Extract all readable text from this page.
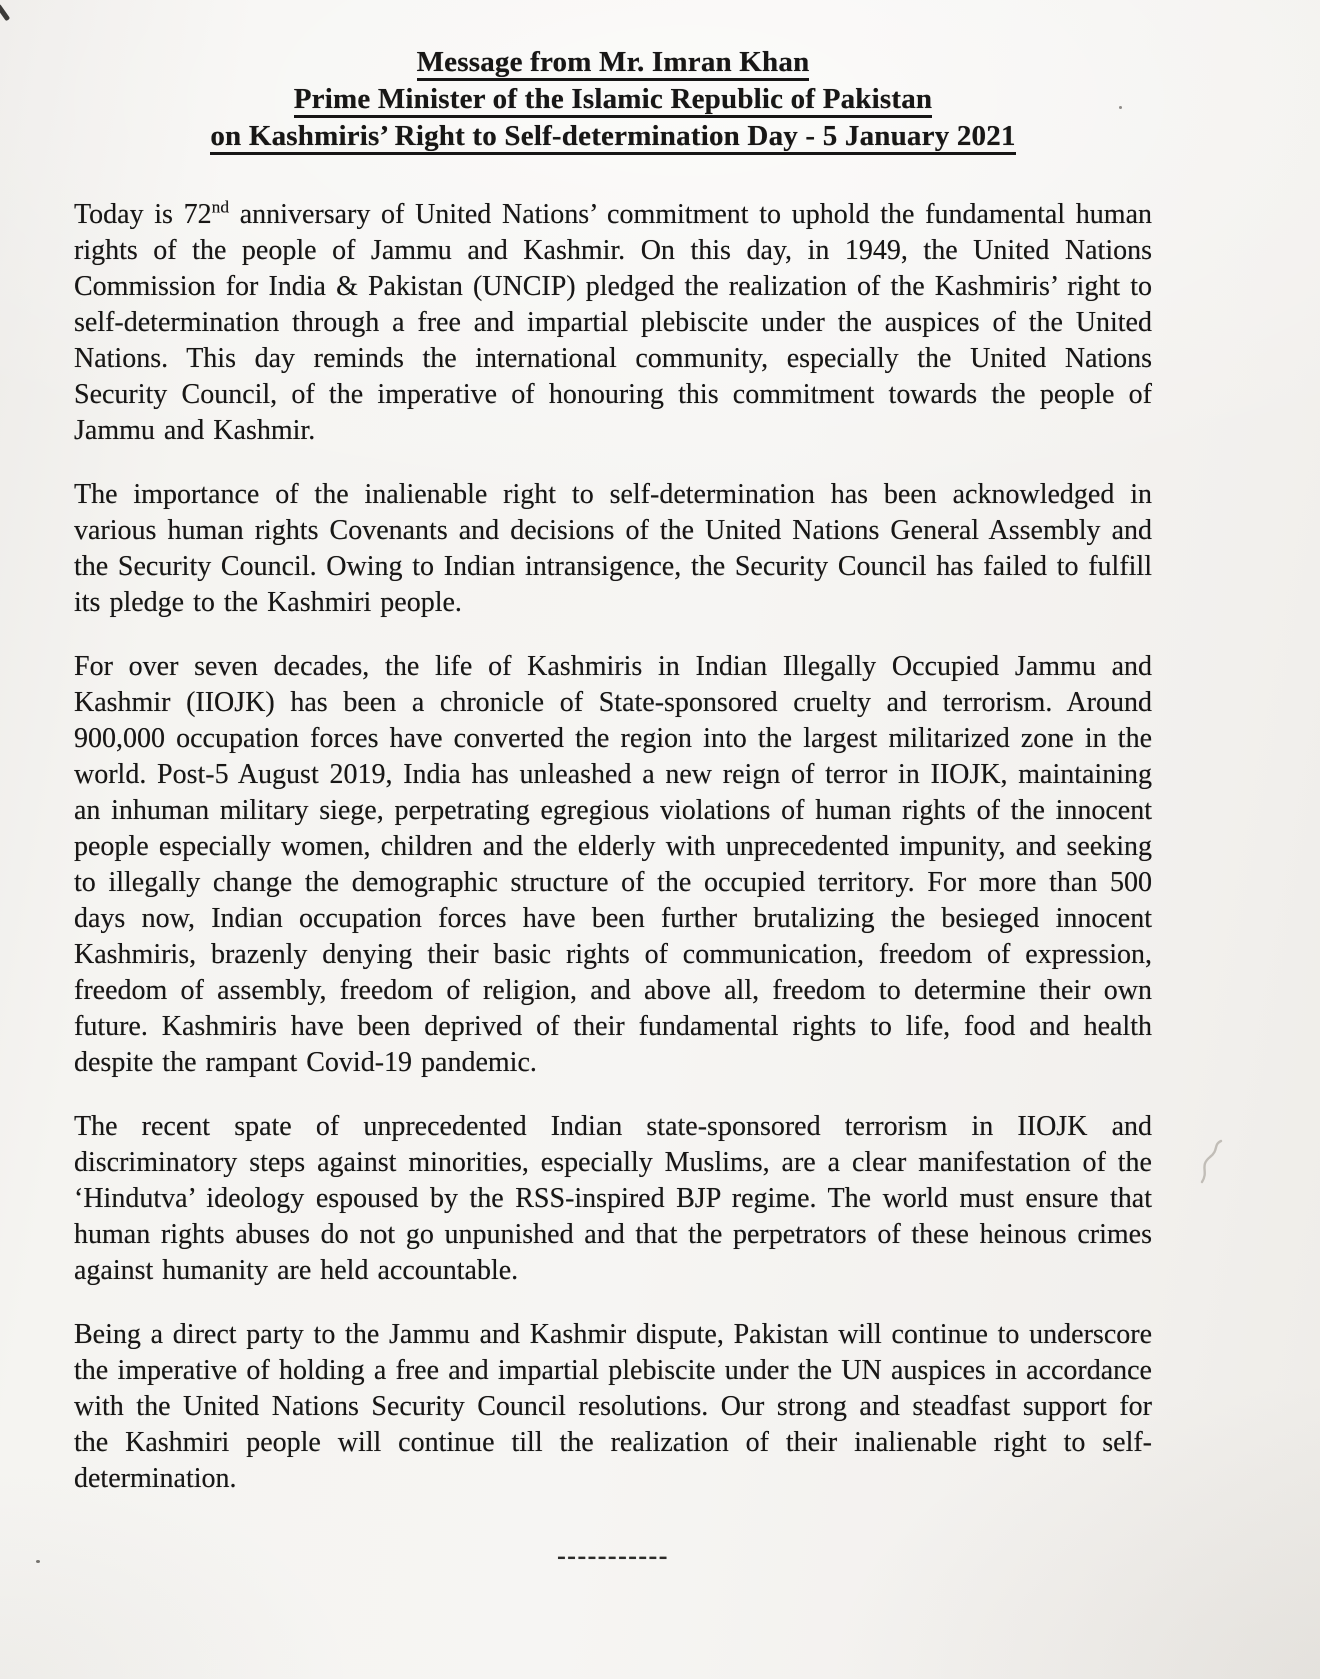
Message from Mr. Imran Khan
Prime Minister of the Islamic Republic of Pakistan
on Kashmiris’ Right to Self-determination Day - 5 January 2021

Today is 72nd anniversary of United Nations’ commitment to uphold the fundamental human rights of the people of Jammu and Kashmir. On this day, in 1949, the United Nations Commission for India & Pakistan (UNCIP) pledged the realization of the Kashmiris’ right to self-determination through a free and impartial plebiscite under the auspices of the United Nations. This day reminds the international community, especially the United Nations Security Council, of the imperative of honouring this commitment towards the people of Jammu and Kashmir.

The importance of the inalienable right to self-determination has been acknowledged in various human rights Covenants and decisions of the United Nations General Assembly and the Security Council. Owing to Indian intransigence, the Security Council has failed to fulfill its pledge to the Kashmiri people.

For over seven decades, the life of Kashmiris in Indian Illegally Occupied Jammu and Kashmir (IIOJK) has been a chronicle of State-sponsored cruelty and terrorism. Around 900,000 occupation forces have converted the region into the largest militarized zone in the world. Post-5 August 2019, India has unleashed a new reign of terror in IIOJK, maintaining an inhuman military siege, perpetrating egregious violations of human rights of the innocent people especially women, children and the elderly with unprecedented impunity, and seeking to illegally change the demographic structure of the occupied territory. For more than 500 days now, Indian occupation forces have been further brutalizing the besieged innocent Kashmiris, brazenly denying their basic rights of communication, freedom of expression, freedom of assembly, freedom of religion, and above all, freedom to determine their own future. Kashmiris have been deprived of their fundamental rights to life, food and health despite the rampant Covid-19 pandemic.

The recent spate of unprecedented Indian state-sponsored terrorism in IIOJK and discriminatory steps against minorities, especially Muslims, are a clear manifestation of the ‘Hindutva’ ideology espoused by the RSS-inspired BJP regime. The world must ensure that human rights abuses do not go unpunished and that the perpetrators of these heinous crimes against humanity are held accountable.

Being a direct party to the Jammu and Kashmir dispute, Pakistan will continue to underscore the imperative of holding a free and impartial plebiscite under the UN auspices in accordance with the United Nations Security Council resolutions. Our strong and steadfast support for the Kashmiri people will continue till the realization of their inalienable right to self-determination.

-----------
